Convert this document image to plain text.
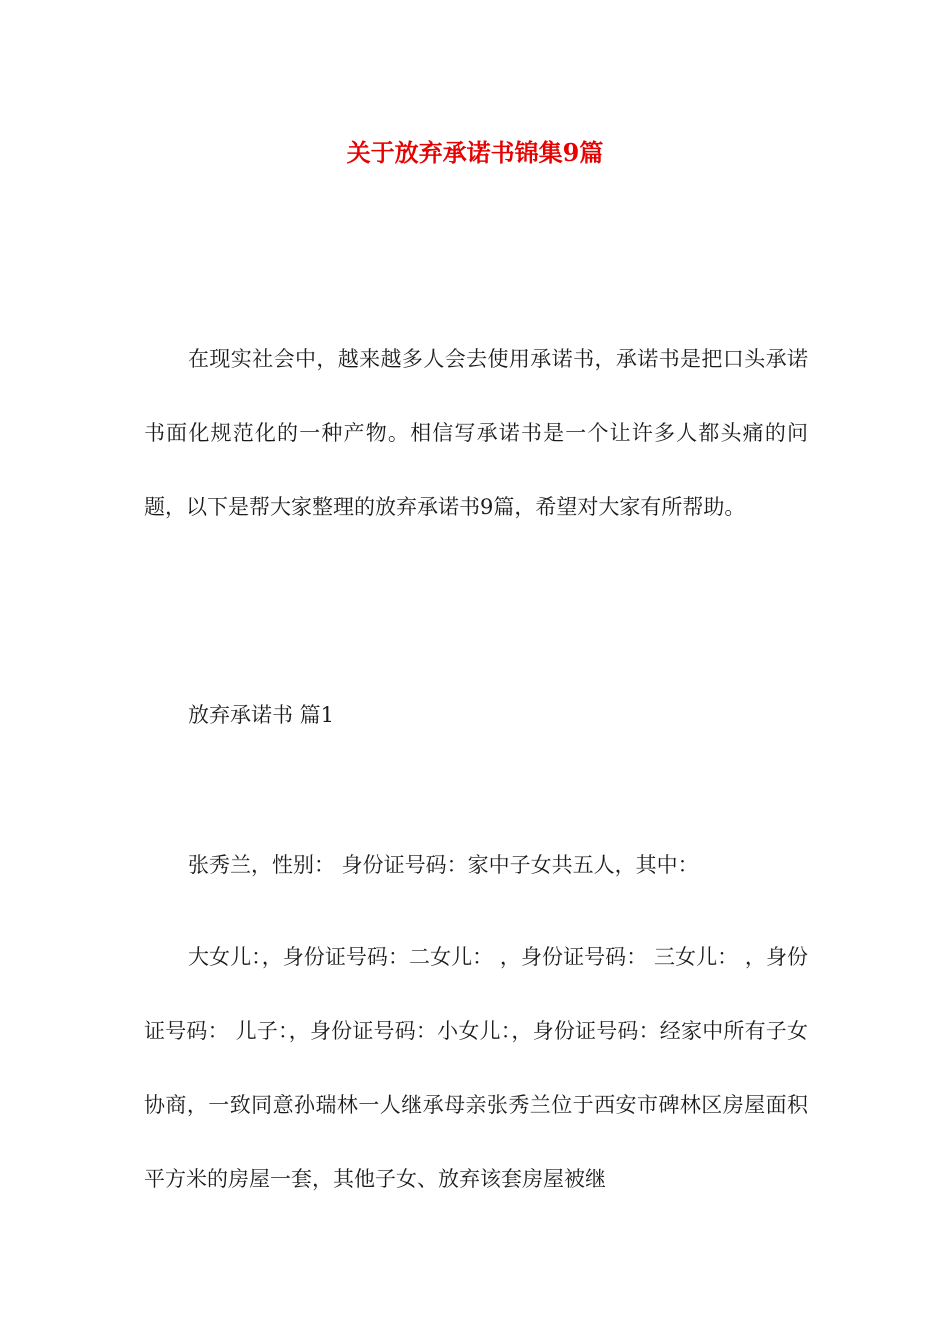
关于放弃承诺书锦集9篇

在现实社会中，越来越多人会去使用承诺书，承诺书是把口头承诺书面化规范化的一种产物。相信写承诺书是一个让许多人都头痛的问题，以下是帮大家整理的放弃承诺书9篇，希望对大家有所帮助。

放弃承诺书 篇1

张秀兰，性别： 身份证号码：家中子女共五人，其中：

大女儿：，身份证号码：二女儿： ，身份证号码： 三女儿： ，身份证号码： 儿子：，身份证号码：小女儿：，身份证号码：经家中所有子女协商，一致同意孙瑞林一人继承母亲张秀兰位于西安市碑林区房屋面积平方米的房屋一套，其他子女、放弃该套房屋被继
